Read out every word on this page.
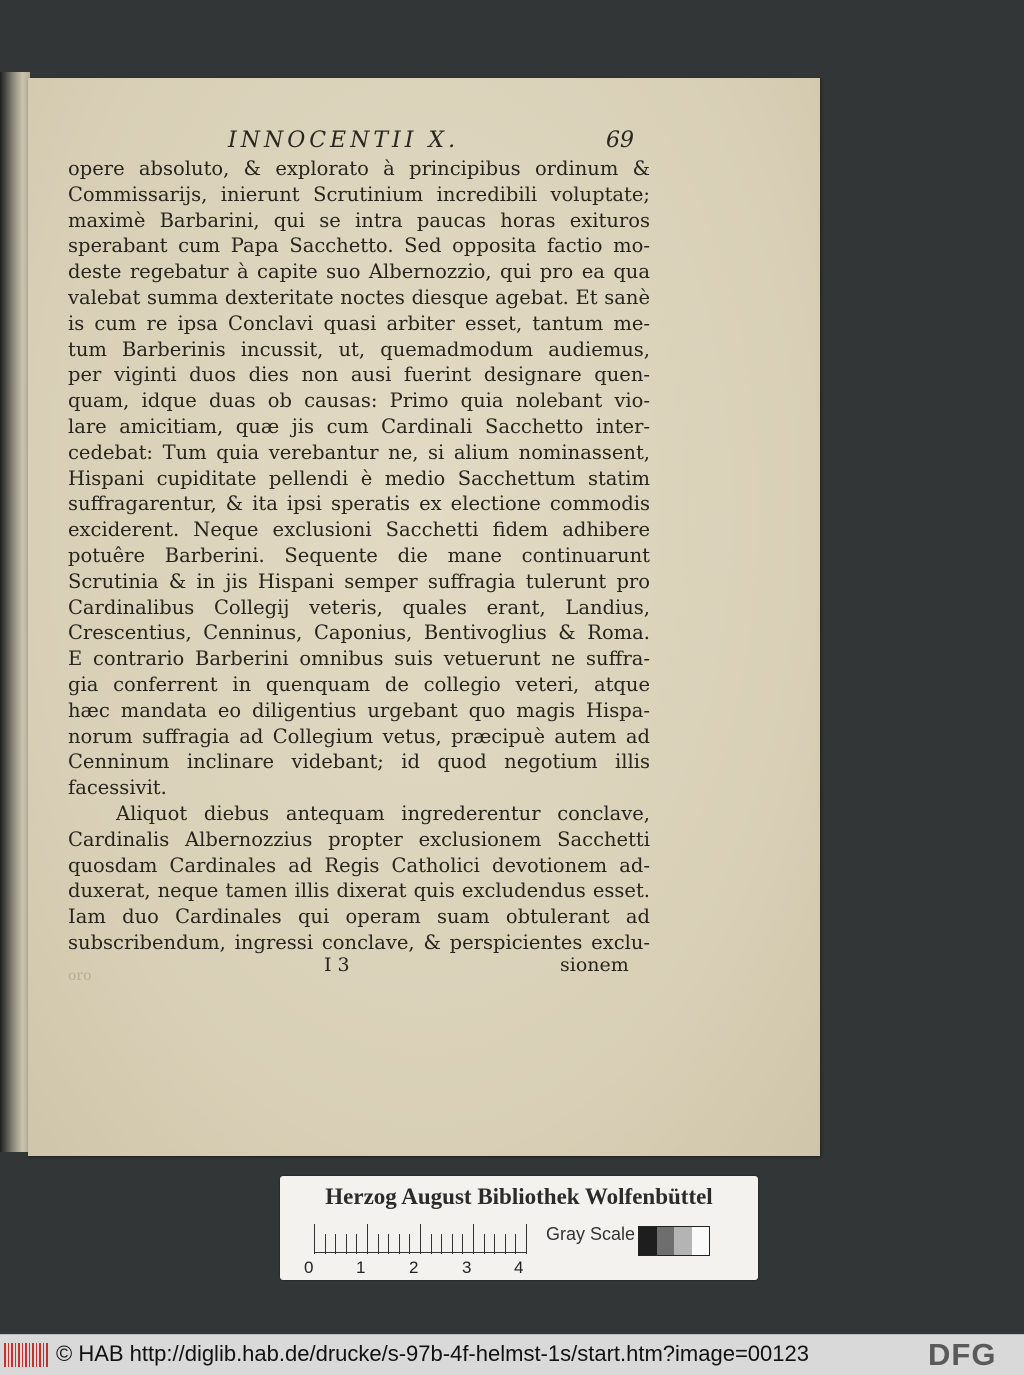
INNOCENTII X.	69
opere absoluto, & explorato à principibus ordinum &
Commissarijs, inierunt Scrutinium incredibili voluptate;
maximè Barbarini, qui se intra paucas horas exituros
sperabant cum Papa Sacchetto. Sed opposita factio mo-
deste regebatur à capite suo Albernozzio, qui pro ea qua
valebat summa dexteritate noctes diesque agebat. Et sanè
is cum re ipsa Conclavi quasi arbiter esset, tantum me-
tum Barberinis incussit, ut, quemadmodum audiemus,
per viginti duos dies non ausi fuerint designare quen-
quam, idque duas ob causas: Primo quia nolebant vio-
lare amicitiam, quæ jis cum Cardinali Sacchetto inter-
cedebat: Tum quia verebantur ne, si alium nominassent,
Hispani cupiditate pellendi è medio Sacchettum statim
suffragarentur, & ita ipsi speratis ex electione commodis
exciderent. Neque exclusioni Sacchetti fidem adhibere
potuêre Barberini. Sequente die mane continuarunt
Scrutinia & in jis Hispani semper suffragia tulerunt pro
Cardinalibus Collegij veteris, quales erant, Landius,
Crescentius, Cenninus, Caponius, Bentivoglius & Roma.
E contrario Barberini omnibus suis vetuerunt ne suffra-
gia conferrent in quenquam de collegio veteri, atque
hæc mandata eo diligentius urgebant quo magis Hispa-
norum suffragia ad Collegium vetus, præcipuè autem ad
Cenninum inclinare videbant; id quod negotium illis
facessivit.
Aliquot diebus antequam ingrederentur conclave,
Cardinalis Albernozzius propter exclusionem Sacchetti
quosdam Cardinales ad Regis Catholici devotionem ad-
duxerat, neque tamen illis dixerat quis excludendus esset.
Iam duo Cardinales qui operam suam obtulerant ad
subscribendum, ingressi conclave, & perspicientes exclu-
I 3	sionem
oro
Herzog August Bibliothek Wolfenbüttel
0	1	2	3	4
Gray Scale
© HAB http://diglib.hab.de/drucke/s-97b-4f-helmst-1s/start.htm?image=00123	DFG
